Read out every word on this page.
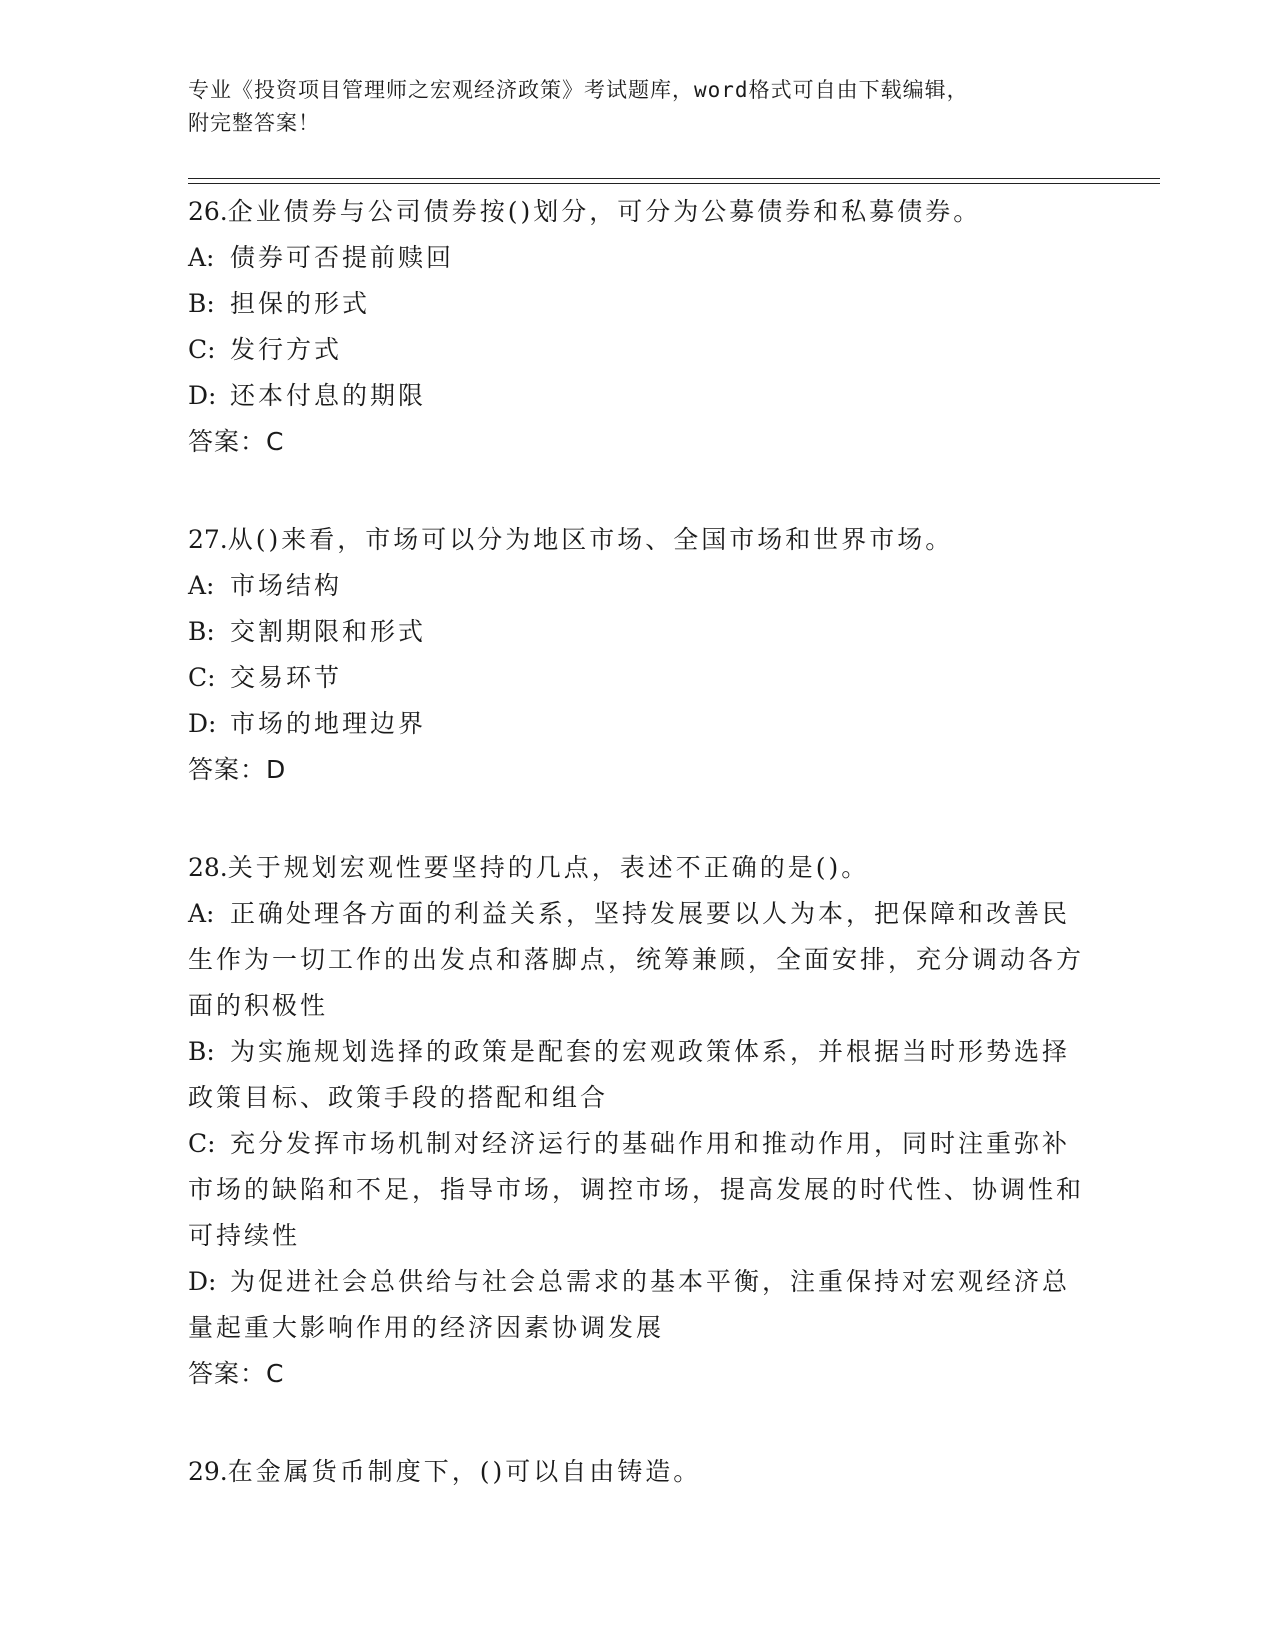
专业《投资项目管理师之宏观经济政策》考试题库，word格式可自由下载编辑，
附完整答案！
26.企业债券与公司债券按()划分，可分为公募债券和私募债券。
A: 债券可否提前赎回
B: 担保的形式
C: 发行方式
D: 还本付息的期限
答案：C
27.从()来看，市场可以分为地区市场、全国市场和世界市场。
A: 市场结构
B: 交割期限和形式
C: 交易环节
D: 市场的地理边界
答案：D
28.关于规划宏观性要坚持的几点，表述不正确的是()。
A: 正确处理各方面的利益关系，坚持发展要以人为本，把保障和改善民生作为一切工作的出发点和落脚点，统筹兼顾，全面安排，充分调动各方面的积极性
B: 为实施规划选择的政策是配套的宏观政策体系，并根据当时形势选择政策目标、政策手段的搭配和组合
C: 充分发挥市场机制对经济运行的基础作用和推动作用，同时注重弥补市场的缺陷和不足，指导市场，调控市场，提高发展的时代性、协调性和可持续性
D: 为促进社会总供给与社会总需求的基本平衡，注重保持对宏观经济总量起重大影响作用的经济因素协调发展
答案：C
29.在金属货币制度下，()可以自由铸造。
